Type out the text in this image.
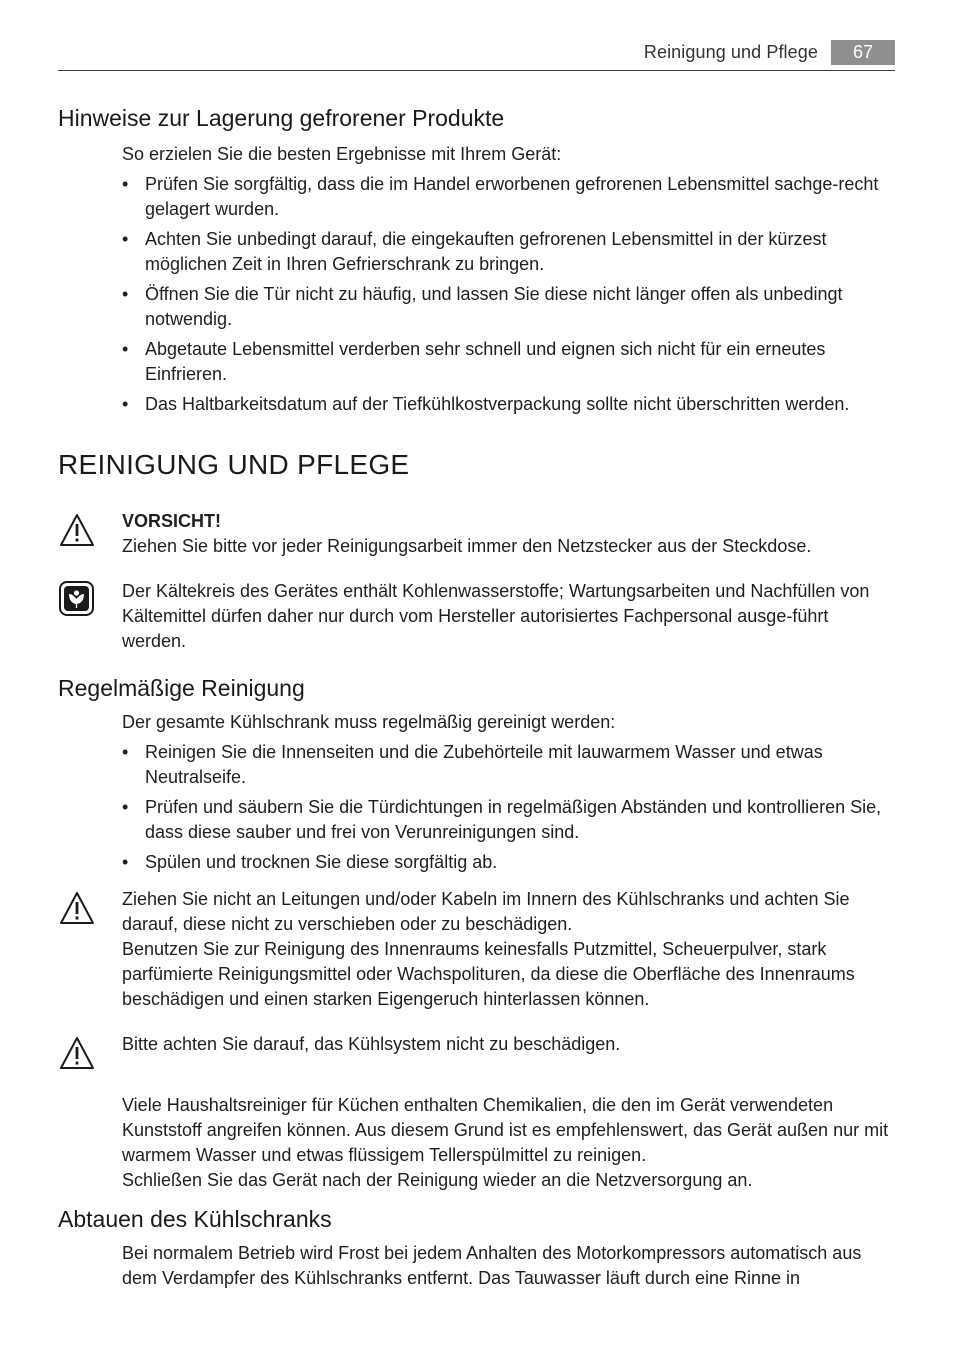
Reinigung und Pflege	67
Hinweise zur Lagerung gefrorener Produkte

So erzielen Sie die besten Ergebnisse mit Ihrem Gerät:

• Prüfen Sie sorgfältig, dass die im Handel erworbenen gefrorenen Lebensmittel sachge-recht gelagert wurden.
• Achten Sie unbedingt darauf, die eingekauften gefrorenen Lebensmittel in der kürzest möglichen Zeit in Ihren Gefrierschrank zu bringen.
• Öffnen Sie die Tür nicht zu häufig, und lassen Sie diese nicht länger offen als unbedingt notwendig.
• Abgetaute Lebensmittel verderben sehr schnell und eignen sich nicht für ein erneutes Einfrieren.
• Das Haltbarkeitsdatum auf der Tiefkühlkostverpackung sollte nicht überschritten werden.
REINIGUNG UND PFLEGE

VORSICHT!

Ziehen Sie bitte vor jeder Reinigungsarbeit immer den Netzstecker aus der Steckdose.

Der Kältekreis des Gerätes enthält Kohlenwasserstoffe; Wartungsarbeiten und Nachfüllen von Kältemittel dürfen daher nur durch vom Hersteller autorisiertes Fachpersonal ausge-führt werden.

Regelmäßige Reinigung

Der gesamte Kühlschrank muss regelmäßig gereinigt werden:

• Reinigen Sie die Innenseiten und die Zubehörteile mit lauwarmem Wasser und etwas Neutralseife.
• Prüfen und säubern Sie die Türdichtungen in regelmäßigen Abständen und kontrollieren Sie, dass diese sauber und frei von Verunreinigungen sind.
• Spülen und trocknen Sie diese sorgfältig ab.

Ziehen Sie nicht an Leitungen und/oder Kabeln im Innern des Kühlschranks und achten Sie darauf, diese nicht zu verschieben oder zu beschädigen.

Benutzen Sie zur Reinigung des Innenraums keinesfalls Putzmittel, Scheuerpulver, stark parfümierte Reinigungsmittel oder Wachspolituren, da diese die Oberfläche des Innenraums beschädigen und einen starken Eigengeruch hinterlassen können.

Bitte achten Sie darauf, das Kühlsystem nicht zu beschädigen.

Viele Haushaltsreiniger für Küchen enthalten Chemikalien, die den im Gerät verwendeten Kunststoff angreifen können. Aus diesem Grund ist es empfehlenswert, das Gerät außen nur mit warmem Wasser und etwas flüssigem Tellerspülmittel zu reinigen.

Schließen Sie das Gerät nach der Reinigung wieder an die Netzversorgung an.

Abtauen des Kühlschranks

Bei normalem Betrieb wird Frost bei jedem Anhalten des Motorkompressors automatisch aus dem Verdampfer des Kühlschranks entfernt. Das Tauwasser läuft durch eine Rinne in
